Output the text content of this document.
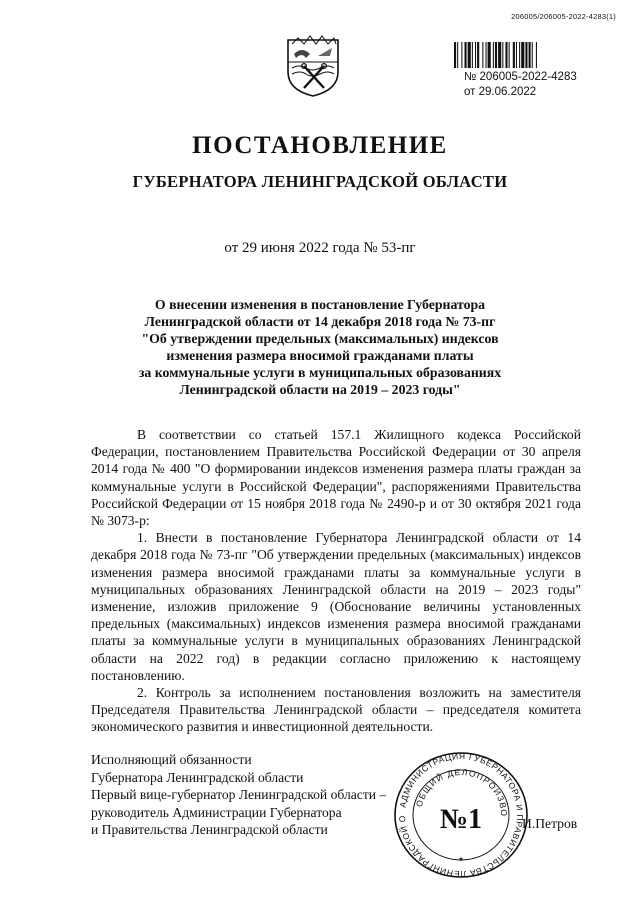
206005/206005-2022-4283(1)
№ 206005-2022-4283
от 29.06.2022
ПОСТАНОВЛЕНИЕ
ГУБЕРНАТОРА ЛЕНИНГРАДСКОЙ ОБЛАСТИ
от 29 июня 2022 года № 53-пг
О внесении изменения в постановление Губернатора
Ленинградской области от 14 декабря 2018 года № 73-пг
"Об утверждении предельных (максимальных) индексов
изменения размера вносимой гражданами платы
за коммунальные услуги в муниципальных образованиях
Ленинградской области на 2019 – 2023 годы"

В соответствии со статьей 157.1 Жилищного кодекса Российской Федерации, постановлением Правительства Российской Федерации от 30 апреля 2014 года № 400 "О формировании индексов изменения размера платы граждан за коммунальные услуги в Российской Федерации", распоряжениями Правительства Российской Федерации от 15 ноября 2018 года № 2490-р и от 30 октября 2021 года № 3073-р:

1. Внести в постановление Губернатора Ленинградской области от 14 декабря 2018 года № 73-пг "Об утверждении предельных (максимальных) индексов изменения размера вносимой гражданами платы за коммунальные услуги в муниципальных образованиях Ленинградской области на 2019 – 2023 годы" изменение, изложив приложение 9 (Обоснование величины установленных предельных (максимальных) индексов изменения размера вносимой гражданами платы за коммунальные услуги в муниципальных образованиях Ленинградской области на 2022 год) в редакции согласно приложению к настоящему постановлению.

2. Контроль за исполнением постановления возложить на заместителя Председателя Правительства Ленинградской области – председателя комитета экономического развития и инвестиционной деятельности.

Исполняющий обязанности
Губернатора Ленинградской области
Первый вице-губернатор Ленинградской области –
руководитель Администрации Губернатора
и Правительства Ленинградской области
АДМИНИСТРАЦИЯ ГУБЕРНАТОРА И ПРАВИТЕЛЬСТВА ЛЕНИНГРАДСКОЙ О
ОБЩИЙ ДЕЛОПРОИЗВО
№1
✶
И.Петров
